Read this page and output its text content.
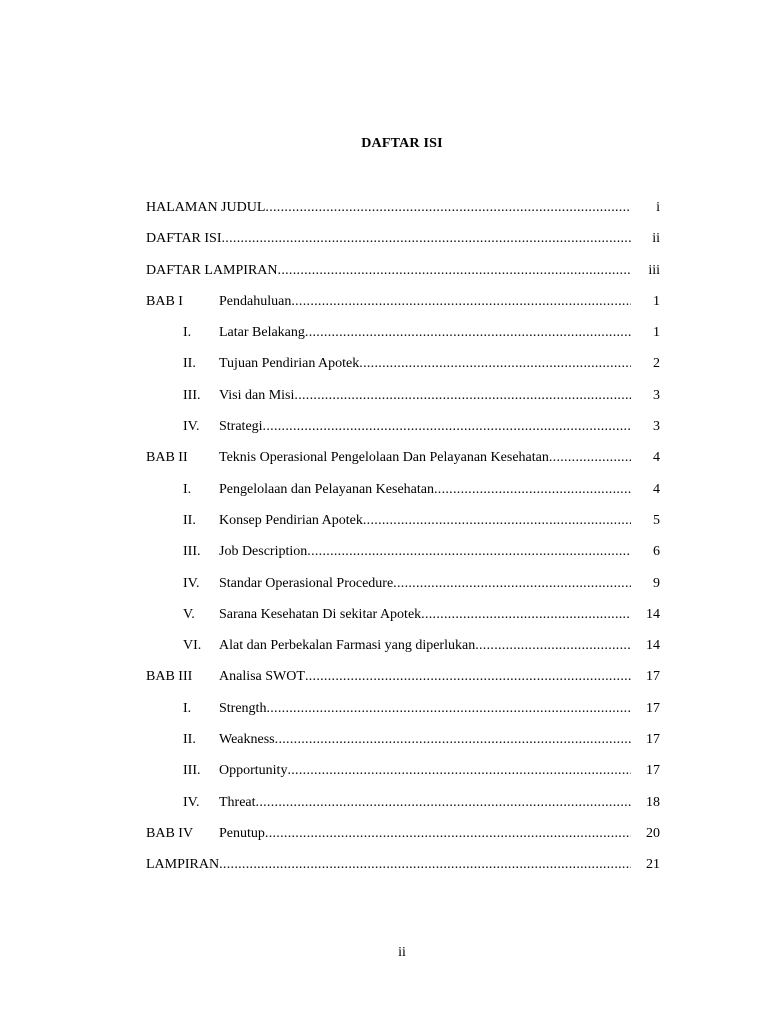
DAFTAR ISI
HALAMAN JUDUL .....	i
DAFTAR ISI .....	ii
DAFTAR LAMPIRAN .....	iii
BAB I	Pendahuluan .....	1
I. Latar Belakang .....	1
II. Tujuan Pendirian Apotek .....	2
III. Visi dan Misi .....	3
IV. Strategi .....	3
BAB II Teknis Operasional Pengelolaan Dan Pelayanan Kesehatan .....	4
I. Pengelolaan dan Pelayanan Kesehatan .....	4
II. Konsep Pendirian Apotek .....	5
III. Job Description .....	6
IV. Standar Operasional Procedure .....	9
V. Sarana Kesehatan Di sekitar Apotek .....	14
VI. Alat dan Perbekalan Farmasi yang diperlukan .....	14
BAB III Analisa SWOT .....	17
I. Strength .....	17
II. Weakness .....	17
III. Opportunity .....	17
IV. Threat .....	18
BAB IV Penutup .....	20
LAMPIRAN .....	21
ii
